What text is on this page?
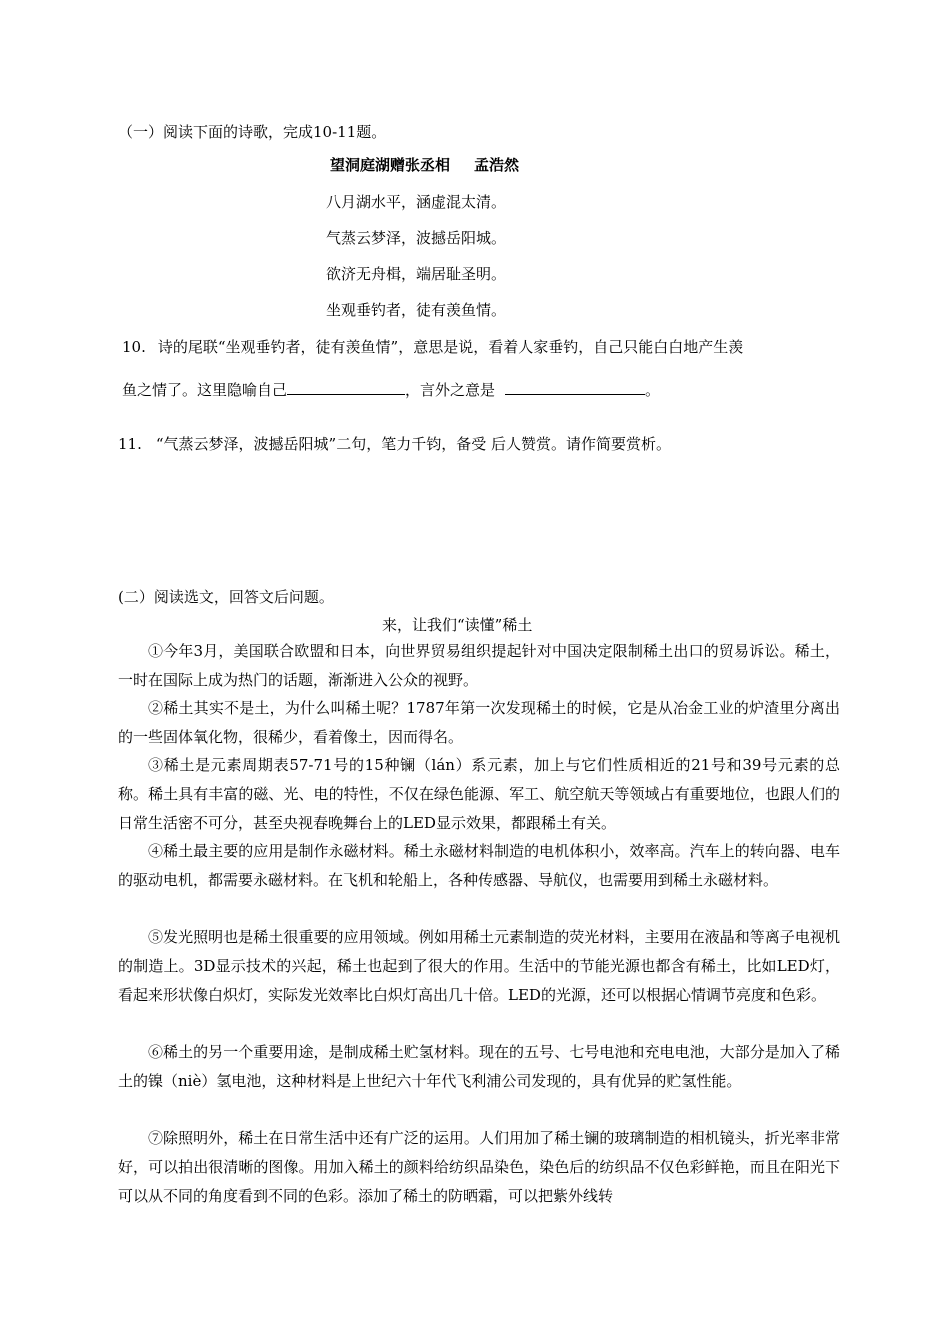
（一）阅读下面的诗歌，完成10-11题。
望洞庭湖赠张丞相 孟浩然
八月湖水平，涵虚混太清。
气蒸云梦泽，波撼岳阳城。
欲济无舟楫，端居耻圣明。
坐观垂钓者，徒有羡鱼情。
10. 诗的尾联“坐观垂钓者，徒有羡鱼情”，意思是说，看着人家垂钓，自己只能白白地产生羡
鱼之情了。这里隐喻自己	，言外之意是	。
11. “气蒸云梦泽，波撼岳阳城”二句，笔力千钧，备受 后人赞赏。请作简要赏析。
(二）阅读选文，回答文后问题。
来，让我们“读懂”稀土
①今年3月，美国联合欧盟和日本，向世界贸易组织提起针对中国决定限制稀土出口的贸易诉讼。稀土，一时在国际上成为热门的话题，渐渐进入公众的视野。
②稀土其实不是土，为什么叫稀土呢？1787年第一次发现稀土的时候，它是从冶金工业的炉渣里分离出的一些固体氧化物，很稀少，看着像土，因而得名。
③稀土是元素周期表57-71号的15种镧（lán）系元素，加上与它们性质相近的21号和39号元素的总称。稀土具有丰富的磁、光、电的特性，不仅在绿色能源、军工、航空航天等领域占有重要地位，也跟人们的日常生活密不可分，甚至央视春晚舞台上的LED显示效果，都跟稀土有关。
④稀土最主要的应用是制作永磁材料。稀土永磁材料制造的电机体积小，效率高。汽车上的转向器、电车的驱动电机，都需要永磁材料。在飞机和轮船上，各种传感器、导航仪，也需要用到稀土永磁材料。
⑤发光照明也是稀土很重要的应用领域。例如用稀土元素制造的荧光材料，主要用在液晶和等离子电视机的制造上。3D显示技术的兴起，稀土也起到了很大的作用。生活中的节能光源也都含有稀土，比如LED灯，看起来形状像白炽灯，实际发光效率比白炽灯高出几十倍。LED的光源，还可以根据心情调节亮度和色彩。
⑥稀土的另一个重要用途，是制成稀土贮氢材料。现在的五号、七号电池和充电电池，大部分是加入了稀土的镍（niè）氢电池，这种材料是上世纪六十年代飞利浦公司发现的，具有优异的贮氢性能。
⑦除照明外，稀土在日常生活中还有广泛的运用。人们用加了稀土镧的玻璃制造的相机镜头，折光率非常好，可以拍出很清晰的图像。用加入稀土的颜料给纺织品染色，染色后的纺织品不仅色彩鲜艳，而且在阳光下可以从不同的角度看到不同的色彩。添加了稀土的防晒霜，可以把紫外线转
